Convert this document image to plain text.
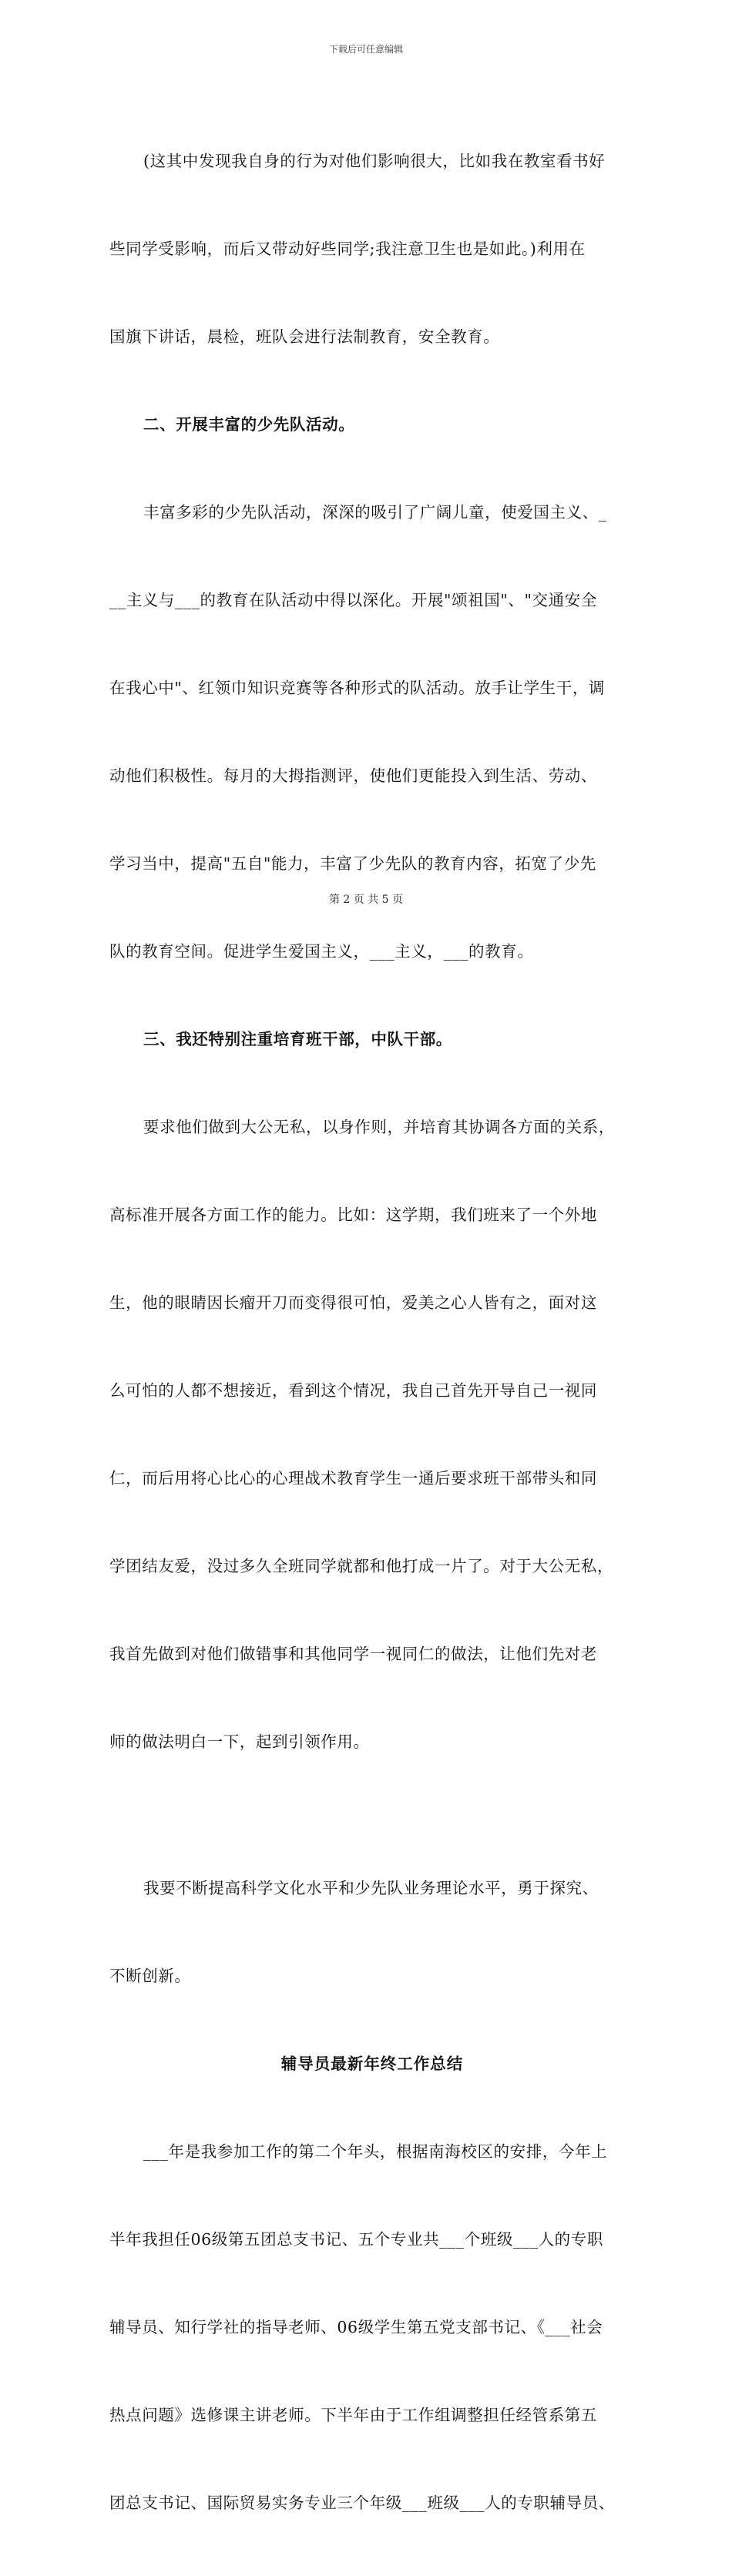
下载后可任意编辑

(这其中发现我自身的行为对他们影响很大，比如我在教室看书好

些同学受影响，而后又带动好些同学;我注意卫生也是如此。)利用在

国旗下讲话，晨检，班队会进行法制教育，安全教育。

二、开展丰富的少先队活动。

丰富多彩的少先队活动，深深的吸引了广阔儿童，使爱国主义、_

__主义与___的教育在队活动中得以深化。开展"颂祖国"、"交通安全

在我心中"、红领巾知识竞赛等各种形式的队活动。放手让学生干，调

动他们积极性。每月的大拇指测评，使他们更能投入到生活、劳动、

学习当中，提高"五自"能力，丰富了少先队的教育内容，拓宽了少先

队的教育空间。促进学生爱国主义，___主义，___的教育。

三、我还特别注重培育班干部，中队干部。

要求他们做到大公无私，以身作则，并培育其协调各方面的关系，

高标准开展各方面工作的能力。比如：这学期，我们班来了一个外地

生，他的眼睛因长瘤开刀而变得很可怕，爱美之心人皆有之，面对这

么可怕的人都不想接近，看到这个情况，我自己首先开导自己一视同

仁，而后用将心比心的心理战术教育学生一通后要求班干部带头和同

学团结友爱，没过多久全班同学就都和他打成一片了。对于大公无私，

我首先做到对他们做错事和其他同学一视同仁的做法，让他们先对老

师的做法明白一下，起到引领作用。

我要不断提高科学文化水平和少先队业务理论水平，勇于探究、

不断创新。

辅导员最新年终工作总结

___年是我参加工作的第二个年头，根据南海校区的安排，今年上

半年我担任06级第五团总支书记、五个专业共___个班级___人的专职

辅导员、知行学社的指导老师、06级学生第五党支部书记、《___社会

热点问题》选修课主讲老师。下半年由于工作组调整担任经管系第五

团总支书记、国际贸易实务专业三个年级___班级___人的专职辅导员、

第 2 页 共 5 页
